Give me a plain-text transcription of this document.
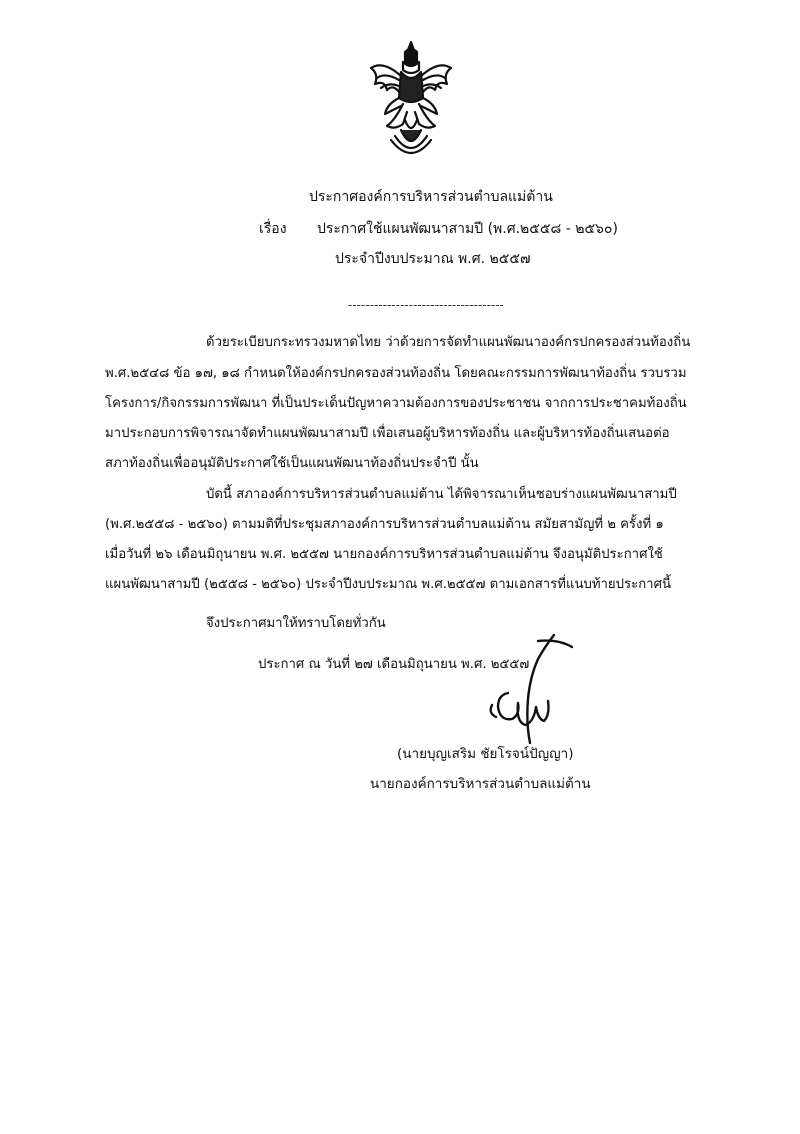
ประกาศองค์การบริหารส่วนตำบลแม่ต้าน
เรื่อง ประกาศใช้แผนพัฒนาสามปี (พ.ศ.๒๕๕๘ - ๒๕๖๐)
ประจำปีงบประมาณ พ.ศ. ๒๕๕๗
------------------------------------
ด้วยระเบียบกระทรวงมหาดไทย ว่าด้วยการจัดทำแผนพัฒนาองค์กรปกครองส่วนท้องถิ่น
พ.ศ.๒๕๔๘ ข้อ ๑๗, ๑๘ กำหนดให้องค์กรปกครองส่วนท้องถิ่น โดยคณะกรรมการพัฒนาท้องถิ่น รวบรวม
โครงการ/กิจกรรมการพัฒนา ที่เป็นประเด็นปัญหาความต้องการของประชาชน จากการประชาคมท้องถิ่น
มาประกอบการพิจารณาจัดทำแผนพัฒนาสามปี เพื่อเสนอผู้บริหารท้องถิ่น และผู้บริหารท้องถิ่นเสนอต่อ
สภาท้องถิ่นเพื่ออนุมัติประกาศใช้เป็นแผนพัฒนาท้องถิ่นประจำปี นั้น
บัดนี้ สภาองค์การบริหารส่วนตำบลแม่ต้าน ได้พิจารณาเห็นชอบร่างแผนพัฒนาสามปี
(พ.ศ.๒๕๕๘ - ๒๕๖๐) ตามมติที่ประชุมสภาองค์การบริหารส่วนตำบลแม่ต้าน สมัยสามัญที่ ๒ ครั้งที่ ๑
เมื่อวันที่ ๒๖ เดือนมิถุนายน พ.ศ. ๒๕๕๗ นายกองค์การบริหารส่วนตำบลแม่ต้าน จึงอนุมัติประกาศใช้
แผนพัฒนาสามปี (๒๕๕๘ - ๒๕๖๐) ประจำปีงบประมาณ พ.ศ.๒๕๕๗ ตามเอกสารที่แนบท้ายประกาศนี้
จึงประกาศมาให้ทราบโดยทั่วกัน
ประกาศ ณ วันที่ ๒๗ เดือนมิถุนายน พ.ศ. ๒๕๕๗
(นายบุญเสริม ชัยโรจน์ปัญญา)
นายกองค์การบริหารส่วนตำบลแม่ต้าน
